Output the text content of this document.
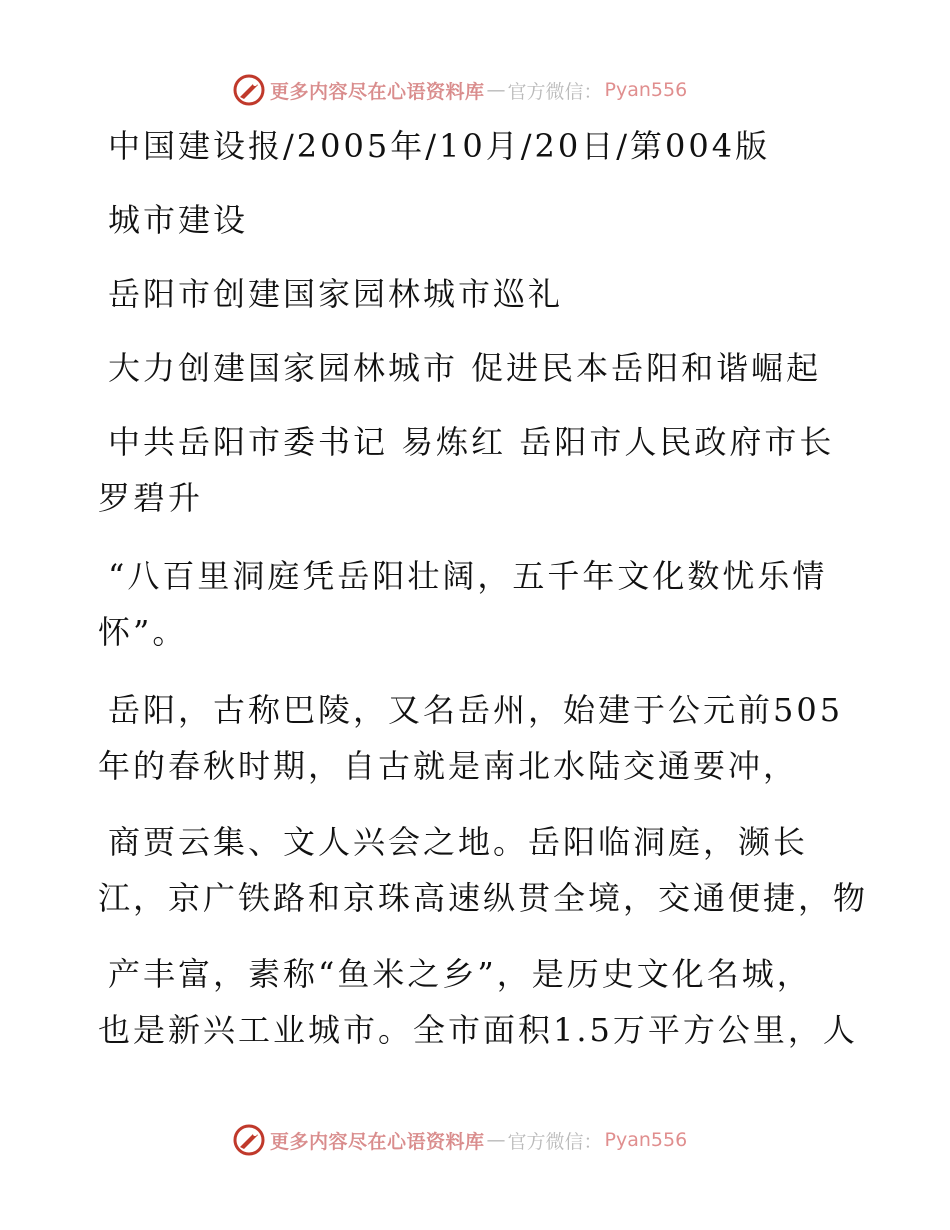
更多内容尽在心语资料库 — 官方微信： Pyan556
中国建设报/2005年/10月/20日/第004版
城市建设
岳阳市创建国家园林城市巡礼
大力创建国家园林城市 促进民本岳阳和谐崛起
中共岳阳市委书记 易炼红 岳阳市人民政府市长
罗碧升
“八百里洞庭凭岳阳壮阔，五千年文化数忧乐情
怀”。
岳阳，古称巴陵，又名岳州，始建于公元前505
年的春秋时期，自古就是南北水陆交通要冲，
商贾云集、文人兴会之地。岳阳临洞庭，濒长
江，京广铁路和京珠高速纵贯全境，交通便捷，物
产丰富，素称“鱼米之乡”，是历史文化名城，
也是新兴工业城市。全市面积1.5万平方公里，人
更多内容尽在心语资料库 — 官方微信： Pyan556
